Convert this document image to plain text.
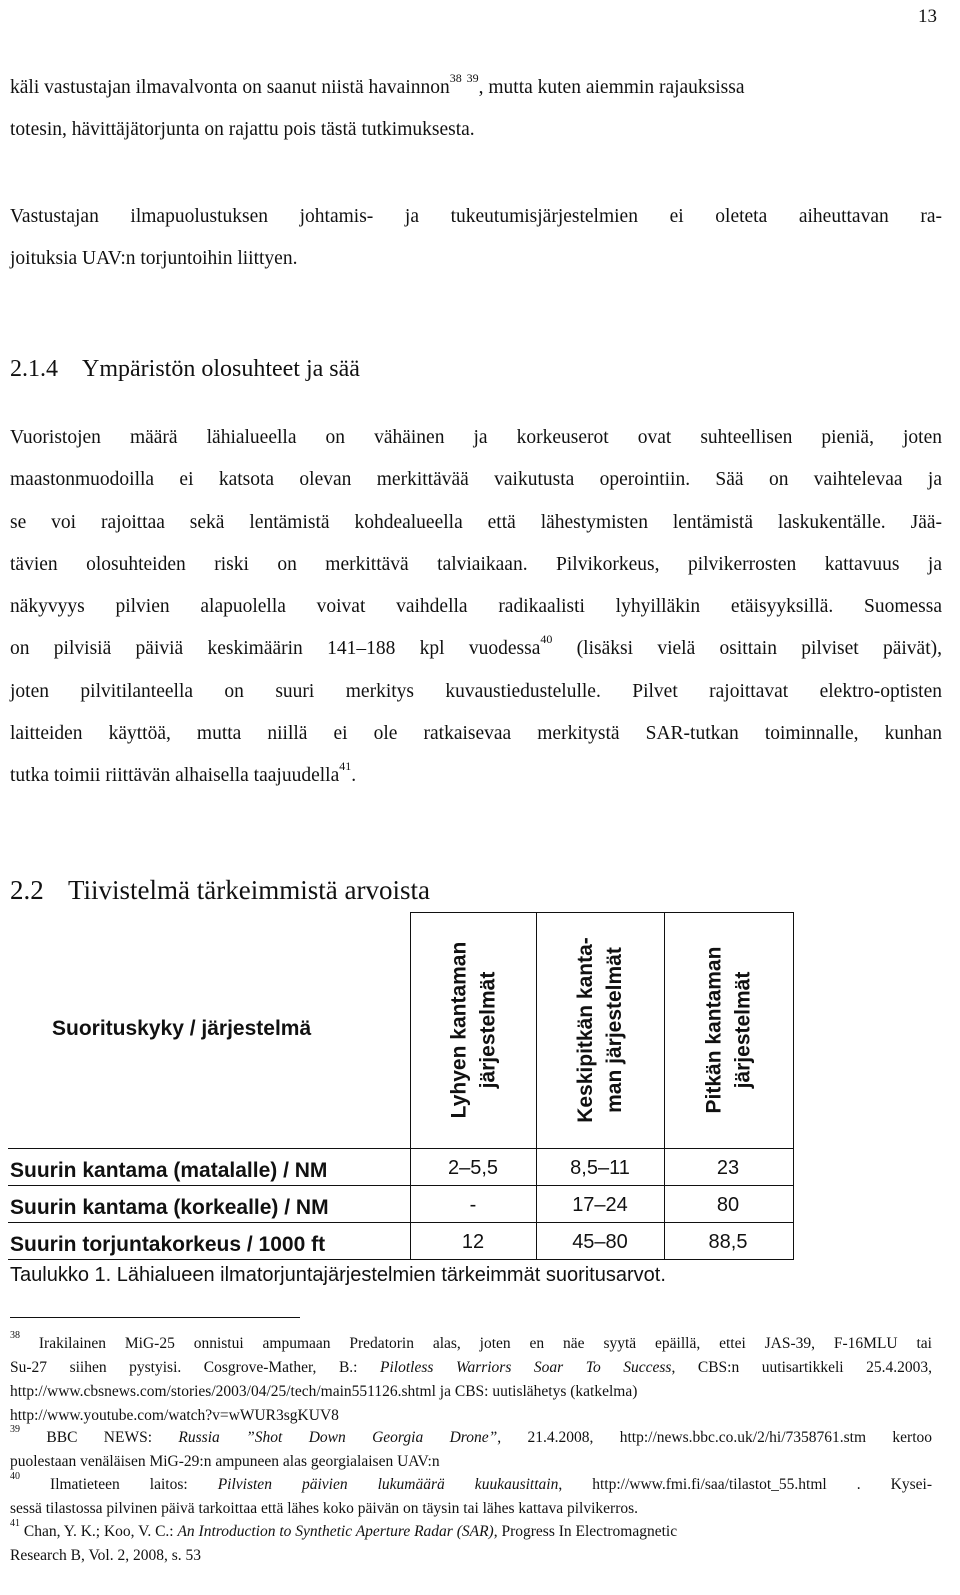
13
käli vastustajan ilmavalvonta on saanut niistä havainnon$^{38}$ $^{39}$, mutta kuten aiemmin rajauksissa
totesin, hävittäjätorjunta on rajattu pois tästä tutkimuksesta.
Vastustajan ilmapuolustuksen johtamis- ja tukeutumisjärjestelmien ei oleteta aiheuttavan ra-
joituksia UAV:n torjuntoihin liittyen.
2.1.4 Ympäristön olosuhteet ja sää
Vuoristojen määrä lähialueella on vähäinen ja korkeuserot ovat suhteellisen pieniä, joten
maastonmuodoilla ei katsota olevan merkittävää vaikutusta operointiin. Sää on vaihtelevaa ja
se voi rajoittaa sekä lentämistä kohdealueella että lähestymisten lentämistä laskukentälle. Jää-
tävien olosuhteiden riski on merkittävä talviaikaan. Pilvikorkeus, pilvikerrosten kattavuus ja
näkyvyys pilvien alapuolella voivat vaihdella radikaalisti lyhyilläkin etäisyyksillä. Suomessa
on pilvisiä päiviä keskimäärin 141–188 kpl vuodessa$^{40}$ (lisäksi vielä osittain pilviset päivät),
joten pilvitilanteella on suuri merkitys kuvaustiedustelulle. Pilvet rajoittavat elektro-optisten
laitteiden käyttöä, mutta niillä ei ole ratkaisevaa merkitystä SAR-tutkan toiminnalle, kunhan
tutka toimii riittävän alhaisella taajuudella$^{41}$.
2.2 Tiivistelmä tärkeimmistä arvoista
Suorituskyky / järjestelmä	Lyhyen kantaman järjestelmät	Keskipitkän kanta- man järjestelmät	Pitkän kantaman järjestelmät
Suurin kantama (matalalle) / NM	2–5,5	8,5–11	23
Suurin kantama (korkealle) / NM	-	17–24	80
Suurin torjuntakorkeus / 1000 ft	12	45–80	88,5
Taulukko 1. Lähialueen ilmatorjuntajärjestelmien tärkeimmät suoritusarvot.
$^{38}$ Irakilainen MiG-25 onnistui ampumaan Predatorin alas, joten en näe syytä epäillä, ettei JAS-39, F-16MLU tai
Su-27 siihen pystyisi. Cosgrove-Mather, B.: Pilotless Warriors Soar To Success, CBS:n uutisartikkeli 25.4.2003,
http://www.cbsnews.com/stories/2003/04/25/tech/main551126.shtml ja CBS: uutislähetys (katkelma)
http://www.youtube.com/watch?v=wWUR3sgKUV8
$^{39}$ BBC NEWS: Russia ”Shot Down Georgia Drone”, 21.4.2008, http://news.bbc.co.uk/2/hi/7358761.stm kertoo
puolestaan venäläisen MiG-29:n ampuneen alas georgialaisen UAV:n
$^{40}$ Ilmatieteen laitos: Pilvisten päivien lukumäärä kuukausittain, http://www.fmi.fi/saa/tilastot_55.html . Kysei-
sessä tilastossa pilvinen päivä tarkoittaa että lähes koko päivän on täysin tai lähes kattava pilvikerros.
$^{41}$ Chan, Y. K.; Koo, V. C.: An Introduction to Synthetic Aperture Radar (SAR), Progress In Electromagnetic
Research B, Vol. 2, 2008, s. 53
